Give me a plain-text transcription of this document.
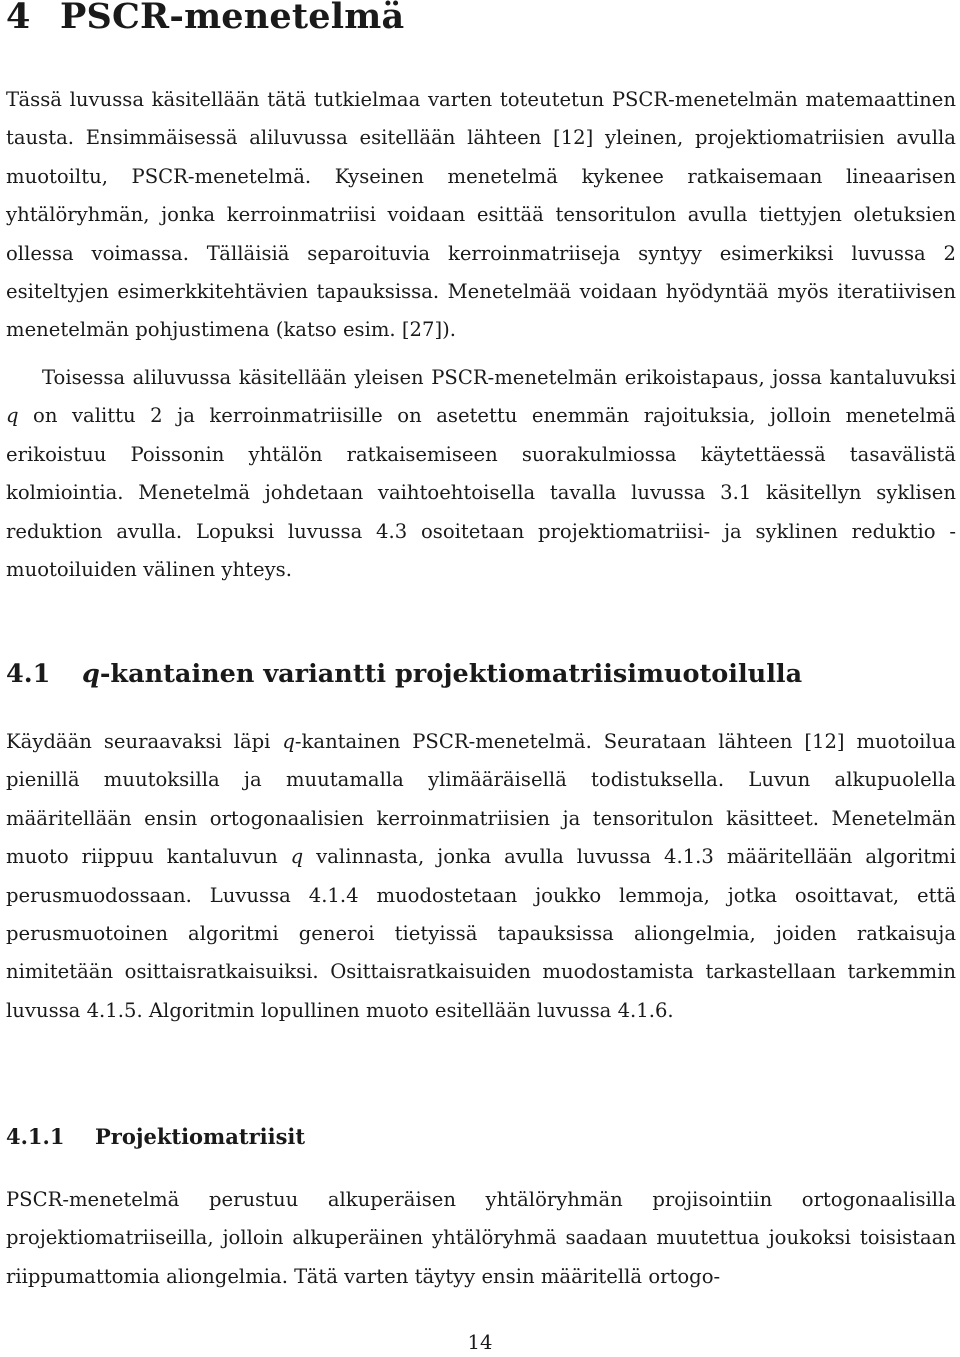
4 PSCR-menetelmä

Tässä luvussa käsitellään tätä tutkielmaa varten toteutetun PSCR-menetelmän matemaattinen tausta. Ensimmäisessä aliluvussa esitellään lähteen [12] yleinen, projektiomatriisien avulla muotoiltu, PSCR-menetelmä. Kyseinen menetelmä kykenee ratkaisemaan lineaarisen yhtälöryhmän, jonka kerroinmatriisi voidaan esittää tensoritulon avulla tiettyjen oletuksien ollessa voimassa. Tälläisiä separoituvia kerroinmatriiseja syntyy esimerkiksi luvussa 2 esiteltyjen esimerkkitehtävien tapauksissa. Menetelmää voidaan hyödyntää myös iteratiivisen menetelmän pohjustimena (katso esim. [27]).

Toisessa aliluvussa käsitellään yleisen PSCR-menetelmän erikoistapaus, jossa kantaluvuksi q on valittu 2 ja kerroinmatriisille on asetettu enemmän rajoituksia, jolloin menetelmä erikoistuu Poissonin yhtälön ratkaisemiseen suorakulmiossa käytettäessä tasavälistä kolmiointia. Menetelmä johdetaan vaihtoehtoisella tavalla luvussa 3.1 käsitellyn syklisen reduktion avulla. Lopuksi luvussa 4.3 osoitetaan projektiomatriisi- ja syklinen reduktio -muotoiluiden välinen yhteys.

4.1 q-kantainen variantti projektiomatriisimuotoilulla

Käydään seuraavaksi läpi q-kantainen PSCR-menetelmä. Seurataan lähteen [12] muotoilua pienillä muutoksilla ja muutamalla ylimääräisellä todistuksella. Luvun alkupuolella määritellään ensin ortogonaalisien kerroinmatriisien ja tensoritulon käsitteet. Menetelmän muoto riippuu kantaluvun q valinnasta, jonka avulla luvussa 4.1.3 määritellään algoritmi perusmuodossaan. Luvussa 4.1.4 muodostetaan joukko lemmoja, jotka osoittavat, että perusmuotoinen algoritmi generoi tietyissä tapauksissa aliongelmia, joiden ratkaisuja nimitetään osittaisratkaisuiksi. Osittaisratkaisuiden muodostamista tarkastellaan tarkemmin luvussa 4.1.5. Algoritmin lopullinen muoto esitellään luvussa 4.1.6.

4.1.1 Projektiomatriisit

PSCR-menetelmä perustuu alkuperäisen yhtälöryhmän projisointiin ortogonaalisilla projektiomatriiseilla, jolloin alkuperäinen yhtälöryhmä saadaan muutettua joukoksi toisistaan riippumattomia aliongelmia. Tätä varten täytyy ensin määritellä ortogo-

14
